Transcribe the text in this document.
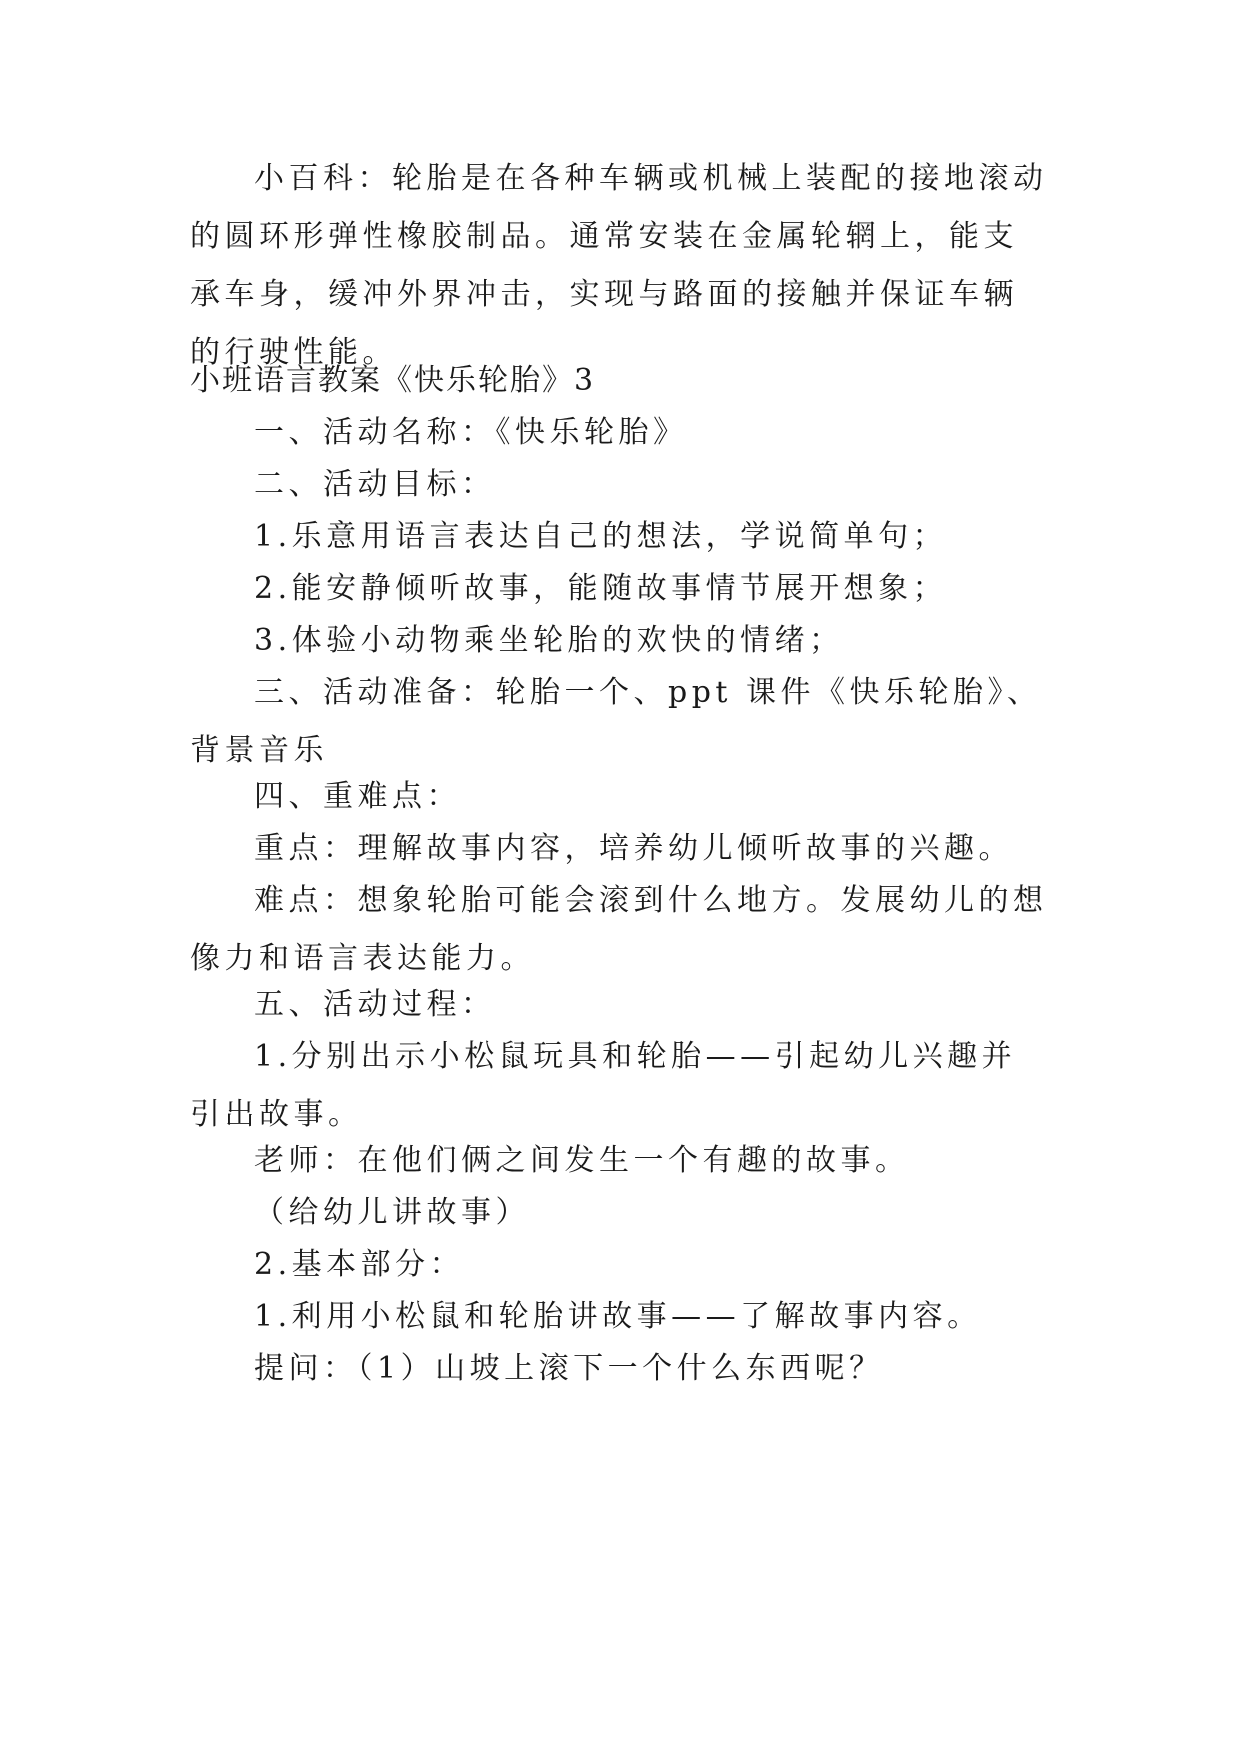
小百科：轮胎是在各种车辆或机械上装配的接地滚动的圆环形弹性橡胶制品。通常安装在金属轮辋上，能支承车身，缓冲外界冲击，实现与路面的接触并保证车辆的行驶性能。

小班语言教案《快乐轮胎》3

一、活动名称：《快乐轮胎》

二、活动目标：

1.乐意用语言表达自己的想法，学说简单句；

2.能安静倾听故事，能随故事情节展开想象；

3.体验小动物乘坐轮胎的欢快的情绪；

三、活动准备：轮胎一个、ppt 课件《快乐轮胎》、背景音乐

四、重难点：

重点：理解故事内容，培养幼儿倾听故事的兴趣。

难点：想象轮胎可能会滚到什么地方。发展幼儿的想像力和语言表达能力。

五、活动过程：

1.分别出示小松鼠玩具和轮胎——引起幼儿兴趣并引出故事。

老师：在他们俩之间发生一个有趣的故事。

（给幼儿讲故事）

2.基本部分：

1.利用小松鼠和轮胎讲故事——了解故事内容。

提问：（1）山坡上滚下一个什么东西呢？
